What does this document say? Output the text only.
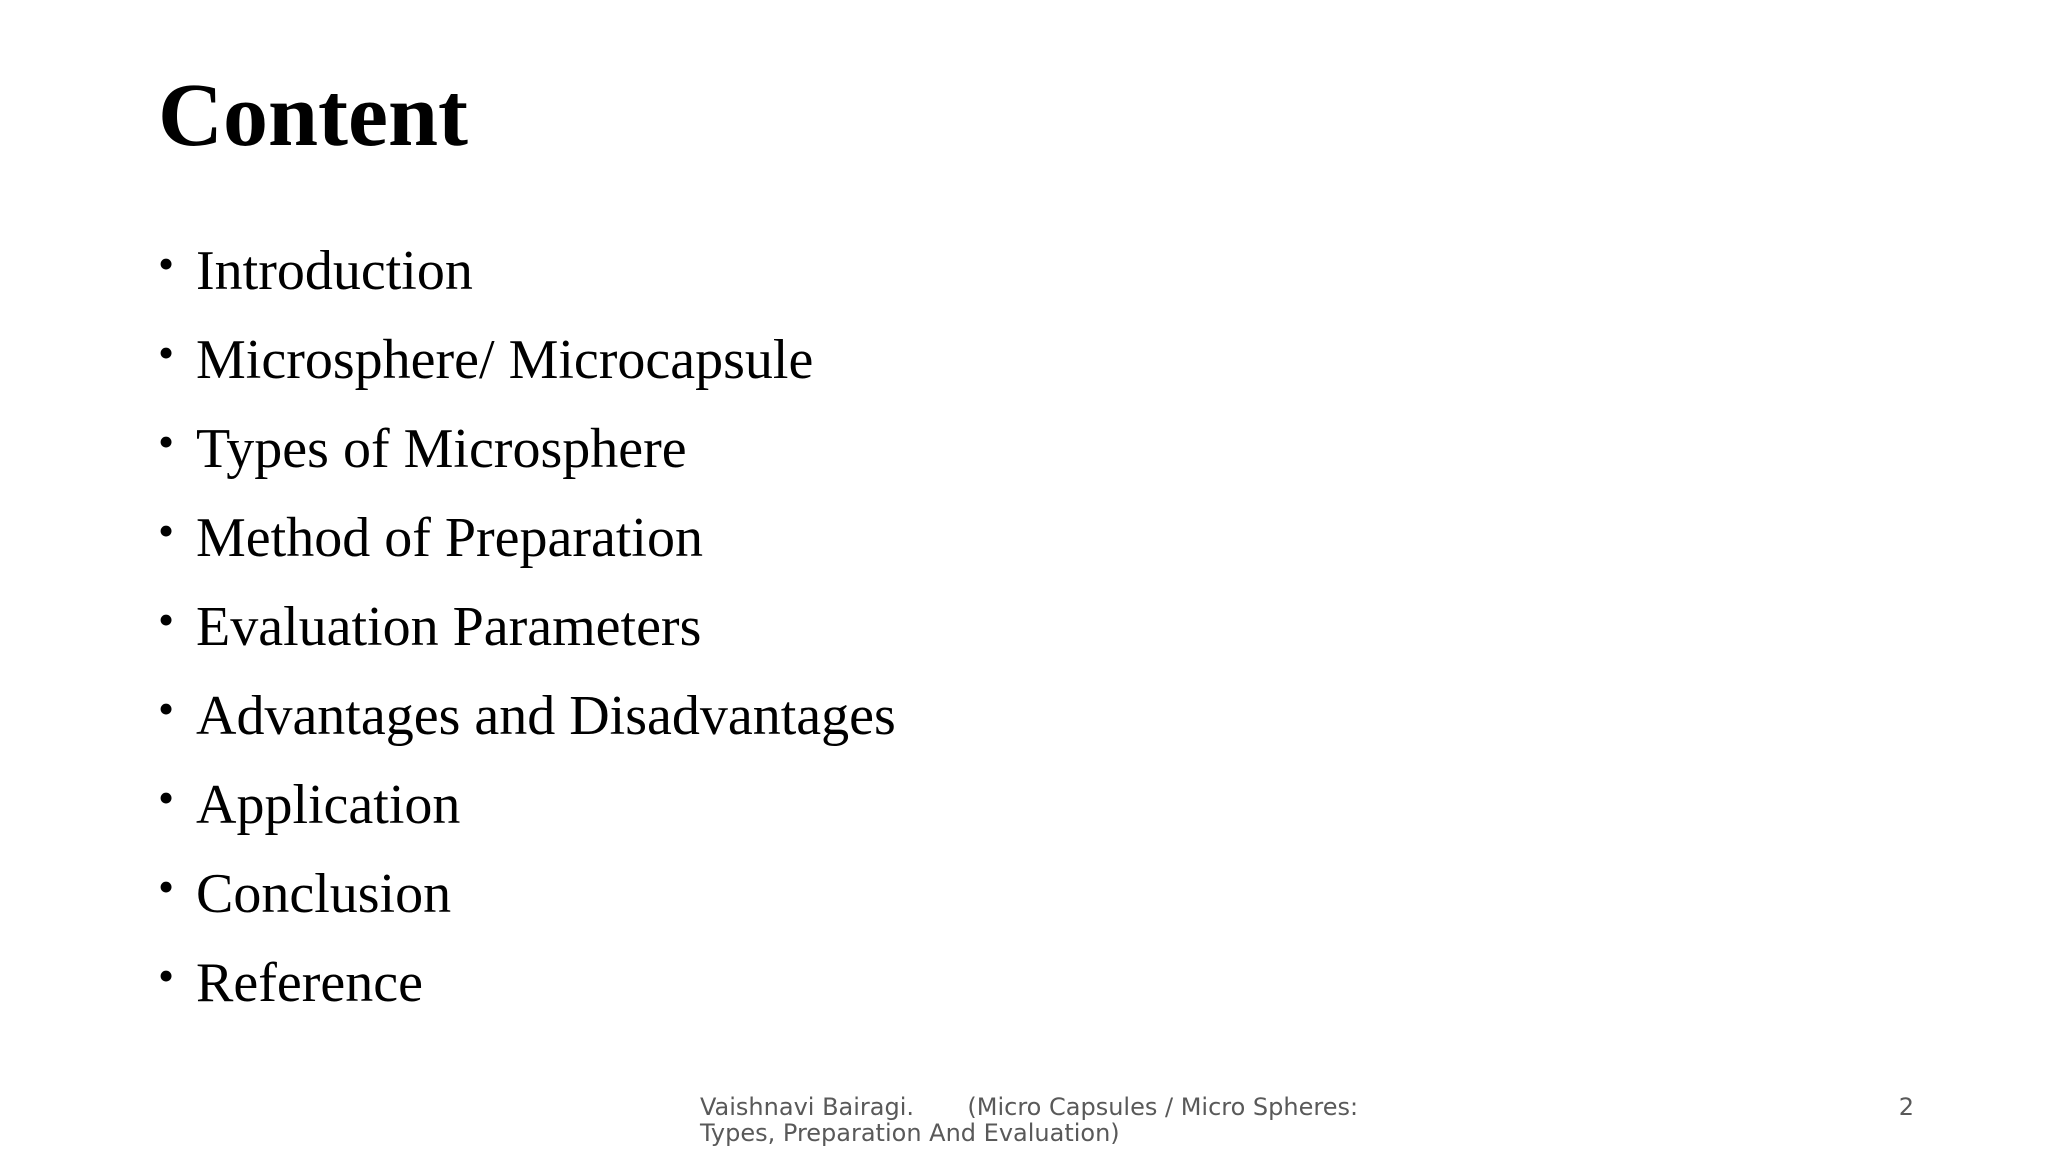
Content
• Introduction
• Microsphere/ Microcapsule
• Types of Microsphere
• Method of Preparation
• Evaluation Parameters
• Advantages and Disadvantages
• Application
• Conclusion
• Reference
Vaishnavi Bairagi.       (Micro Capsules / Micro Spheres: Types, Preparation And Evaluation)
2
